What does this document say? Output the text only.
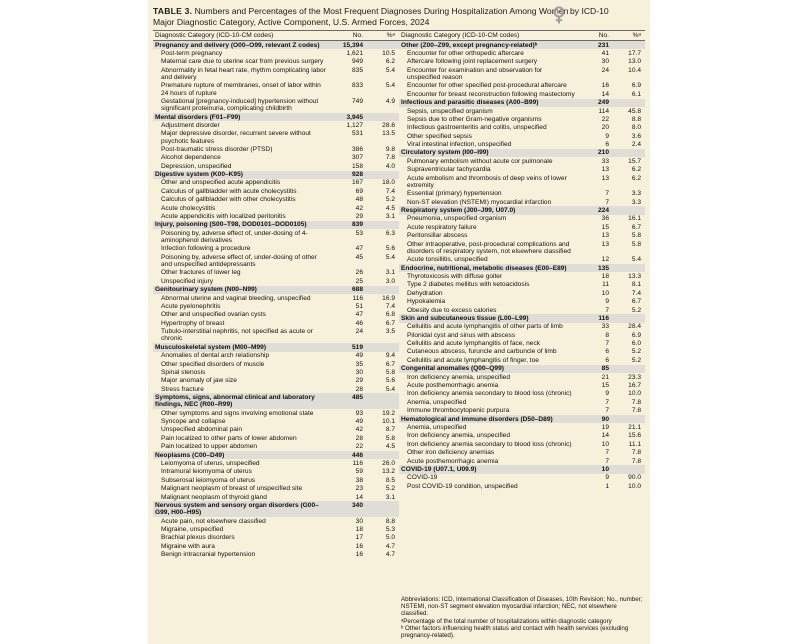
TABLE 3. Numbers and Percentages of the Most Frequent Diagnoses During Hospitalization Among Women
Major Diagnostic Category, Active Component, U.S. Armed Forces, 2024
by ICD-10
Diagnostic Category (ICD-10-CM codes)	No.	%ᵃ
Pregnancy and delivery (O00–O99, relevant Z codes)	15,394
Post-term pregnancy	1,621	10.5
Maternal care due to uterine scar from previous surgery	949	6.2
Abnormality in fetal heart rate, rhythm complicating labor and delivery
835	5.4
Premature rupture of membranes, onset of labor within 24 hours of rupture
833	5.4
Gestational [pregnancy-induced] hypertension without significant proteinuria, complicating childbirth
749	4.9
Mental disorders (F01–F99)	3,945
Adjustment disorder	1,127	28.6
Major depressive disorder, recurrent severe without psychotic features
531	13.5
Post-traumatic stress disorder (PTSD)	386	9.8
Alcohol dependence	307	7.8
Depression, unspecified	158	4.0
Digestive system (K00–K95)	928
Other and unspecified acute appendicitis	167	18.0
Calculus of gallbladder with acute cholecystitis	69	7.4
Calculus of gallbladder with other cholecystitis	48	5.2
Acute cholecystitis	42	4.5
Acute appendicitis with localized peritonitis	29	3.1
Injury, poisoning (S00–T98, DOD0101–DOD0105)	839
Poisoning by, adverse effect of, under-dosing of 4-aminophenol derivatives
53	6.3
Infection following a procedure	47	5.6
Poisoning by, adverse effect of, under-dosing of other and unspecified antidepressants
45	5.4
Other fractures of lower leg	26	3.1
Unspecified injury	25	3.0
Genitourinary system (N00–N99)	688
Abnormal uterine and vaginal bleeding, unspecified	116	16.9
Acute pyelonephritis	51	7.4
Other and unspecified ovarian cysts	47	6.8
Hypertrophy of breast	46	6.7
Tubulo-interstitial nephritis, not specified as acute or chronic
24	3.5
Musculoskeletal system (M00–M99)	519
Anomalies of dental arch relationship	49	9.4
Other specified disorders of muscle	35	6.7
Spinal stenosis	30	5.8
Major anomaly of jaw size	29	5.6
Stress fracture	28	5.4
Symptoms, signs, abnormal clinical and laboratory findings, NEC (R00–R99)
485
Other symptoms and signs involving emotional state	93	19.2
Syncope and collapse	49	10.1
Unspecified abdominal pain	42	8.7
Pain localized to other parts of lower abdomen	28	5.8
Pain localized to upper abdomen	22	4.5
Neoplasms (C00–D49)	446
Leiomyoma of uterus, unspecified	116	26.0
Intramural leiomyoma of uterus	59	13.2
Subserosal leiomyoma of uterus	38	8.5
Malignant neoplasm of breast of unspecified site	23	5.2
Malignant neoplasm of thyroid gland	14	3.1
Nervous system and sensory organ disorders (G00–G99, H00–H95)
340
Acute pain, not elsewhere classified	30	8.8
Migraine, unspecified	18	5.3
Brachial plexus disorders	17	5.0
Migraine with aura	16	4.7
Benign intracranial hypertension	16	4.7
Diagnostic Category (ICD-10-CM codes)	No.	%ᵃ
Other (Z00–Z99, except pregnancy-related)ᵇ	231
Encounter for other orthopedic aftercare	41	17.7
Aftercare following joint replacement surgery	30	13.0
Encounter for examination and observation for unspecified reason
24	10.4
Encounter for other specified post-procedural aftercare	16	6.9
Encounter for breast reconstruction following mastectomy	14	6.1
Infectious and parasitic diseases (A00–B99)	249
Sepsis, unspecified organism	114	45.8
Sepsis due to other Gram-negative organisms	22	8.8
Infectious gastroenteritis and colitis, unspecified	20	8.0
Other specified sepsis	9	3.6
Viral intestinal infection, unspecified	6	2.4
Circulatory system (I00–I99)	210
Pulmonary embolism without acute cor pulmonale	33	15.7
Supraventricular tachycardia	13	6.2
Acute embolism and thrombosis of deep veins of lower extremity
13	6.2
Essential (primary) hypertension	7	3.3
Non-ST elevation (NSTEMI) myocardial infarction	7	3.3
Respiratory system (J00–J99, U07.0)	224
Pneumonia, unspecified organism	36	16.1
Acute respiratory failure	15	6.7
Peritonsillar abscess	13	5.8
Other intraoperative, post-procedural complications and disorders of respiratory system, not elsewhere classified
13	5.8
Acute tonsillitis, unspecified	12	5.4
Endocrine, nutritional, metabolic diseases (E00–E89)	135
Thyrotoxicosis with diffuse goiter	18	13.3
Type 2 diabetes mellitus with ketoacidosis	11	8.1
Dehydration	10	7.4
Hypokalemia	9	6.7
Obesity due to excess calories	7	5.2
Skin and subcutaneous tissue (L00–L99)	116
Cellulitis and acute lymphangitis of other parts of limb	33	28.4
Pilonidal cyst and sinus with abscess	8	6.9
Cellulitis and acute lymphangitis of face, neck	7	6.0
Cutaneous abscess, furuncle and carbuncle of limb	6	5.2
Cellulitis and acute lymphangitis of finger, toe	6	5.2
Congenital anomalies (Q00–Q99)	85
Iron deficiency anemia, unspecified	21	23.3
Acute posthemorrhagic anemia	15	16.7
Iron deficiency anemia secondary to blood loss (chronic)	9	10.0
Anemia, unspecified	7	7.8
Immune thrombocytopenic purpura	7	7.8
Hematological and immune disorders (D50–D89)	90
Anemia, unspecified	19	21.1
Iron deficiency anemia, unspecified	14	15.6
Iron deficiency anemia secondary to blood loss (chronic)	10	11.1
Other iron deficiency anemias	7	7.8
Acute posthemorrhagic anemia	7	7.8
COVID-19 (U07.1, U09.9)	10
COVID-19	9	90.0
Post COVID-19 condition, unspecified	1	10.0
Abbreviations: ICD, International Classification of Diseases, 10th Revision; No., number; NSTEMI, non-ST segment elevation myocardial infarction; NEC, not elsewhere classified.
ᵃPercentage of the total number of hospitalizations within diagnostic category
ᵇ Other factors influencing health status and contact with health services (excluding pregnancy-related).
